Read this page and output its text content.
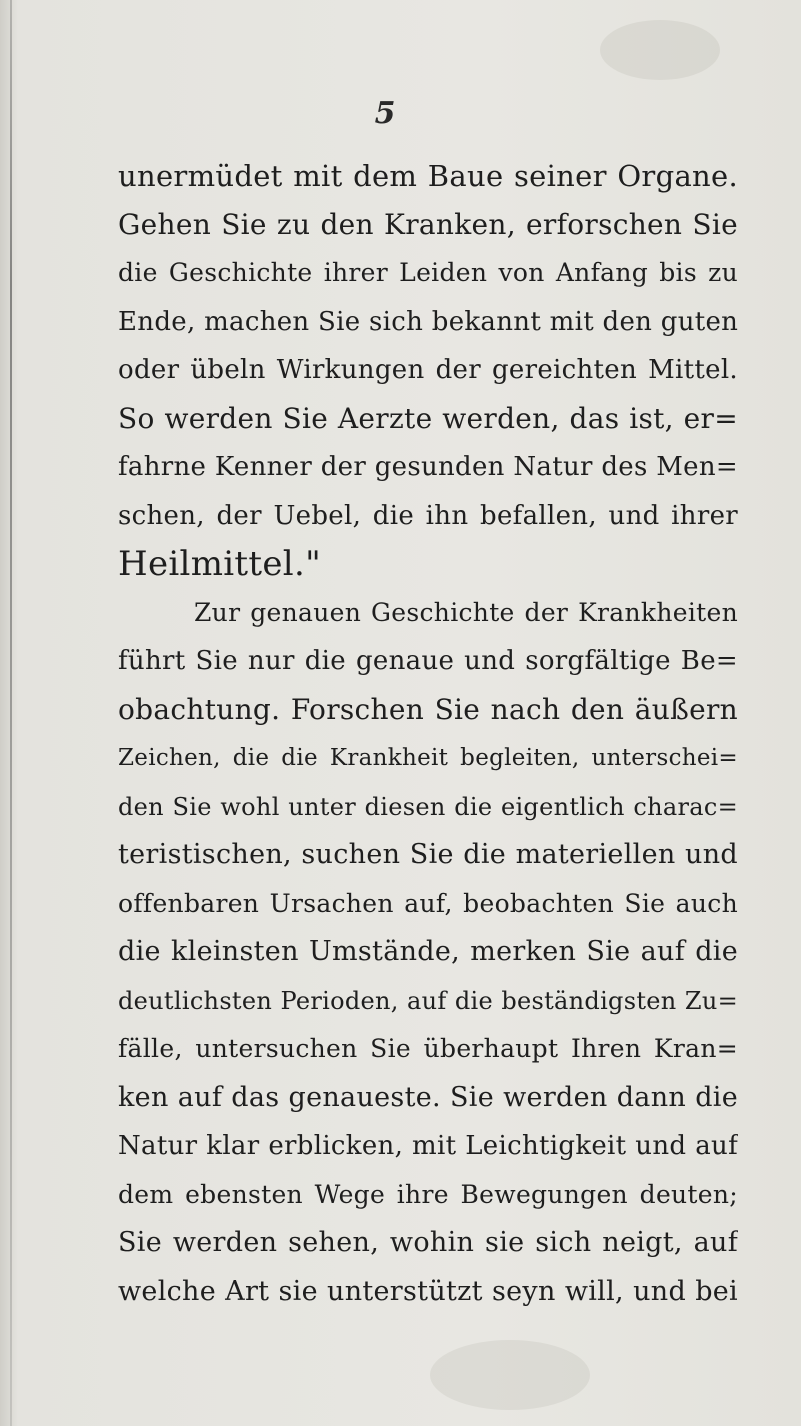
5
unermüdet mit dem Baue seiner Organe.
Gehen Sie zu den Kranken, erforschen Sie
die Geschichte ihrer Leiden von Anfang bis zu
Ende, machen Sie sich bekannt mit den guten
oder übeln Wirkungen der gereichten Mittel.
So werden Sie Aerzte werden, das ist, er=
fahrne Kenner der gesunden Natur des Men=
schen, der Uebel, die ihn befallen, und ihrer
Heilmittel."
Zur genauen Geschichte der Krankheiten
führt Sie nur die genaue und sorgfältige Be=
obachtung. Forschen Sie nach den äußern
Zeichen, die die Krankheit begleiten, unterschei=
den Sie wohl unter diesen die eigentlich charac=
teristischen, suchen Sie die materiellen und
offenbaren Ursachen auf, beobachten Sie auch
die kleinsten Umstände, merken Sie auf die
deutlichsten Perioden, auf die beständigsten Zu=
fälle, untersuchen Sie überhaupt Ihren Kran=
ken auf das genaueste. Sie werden dann die
Natur klar erblicken, mit Leichtigkeit und auf
dem ebensten Wege ihre Bewegungen deuten;
Sie werden sehen, wohin sie sich neigt, auf
welche Art sie unterstützt seyn will, und bei
